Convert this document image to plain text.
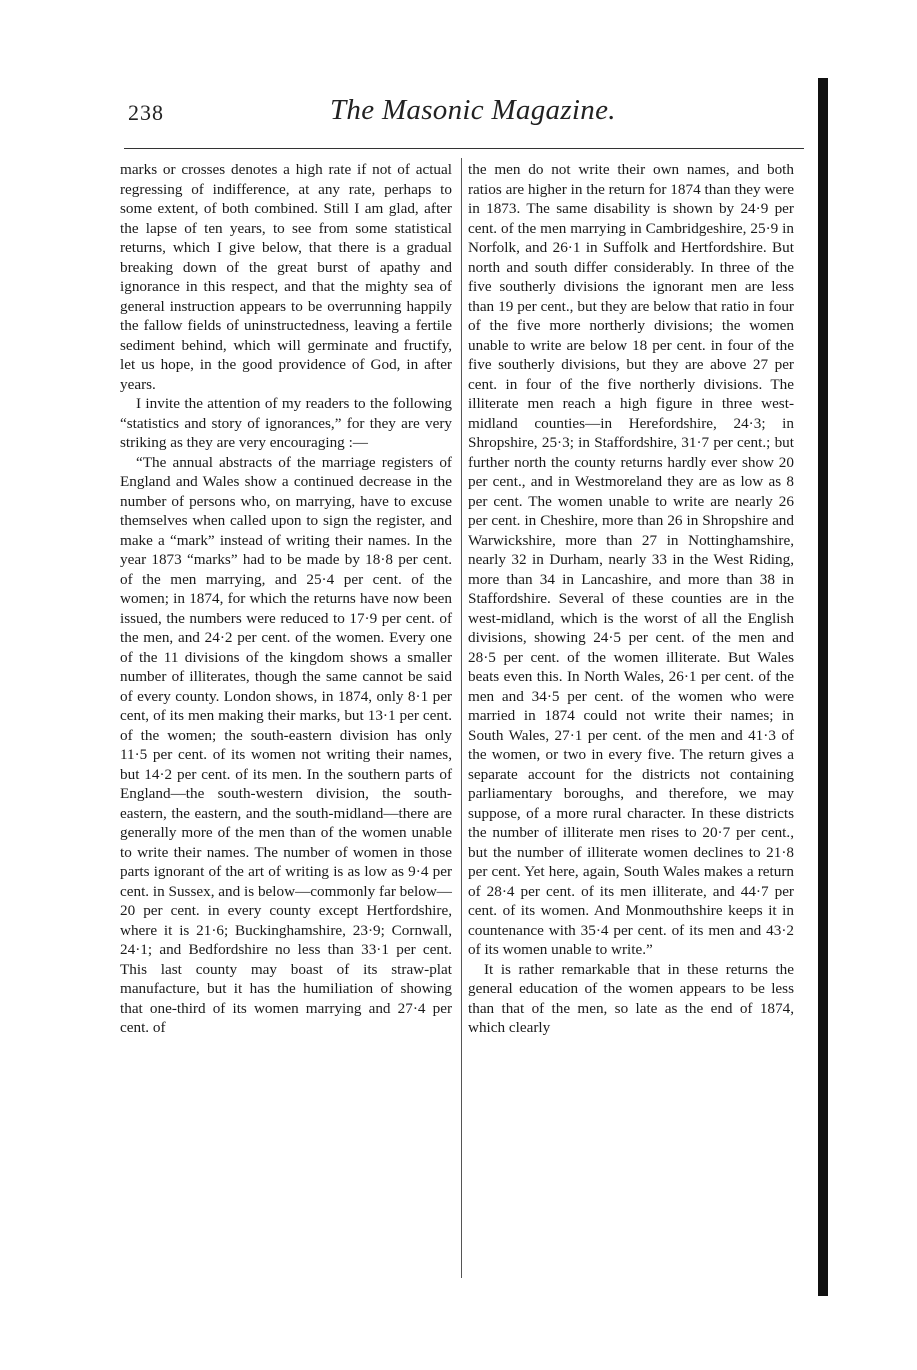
238	The Masonic Magazine.

marks or crosses denotes a high rate if not of actual regressing of indifference, at any rate, perhaps to some extent, of both combined. Still I am glad, after the lapse of ten years, to see from some statistical returns, which I give below, that there is a gradual breaking down of the great burst of apathy and ignorance in this respect, and that the mighty sea of general instruction appears to be overrunning happily the fallow fields of uninstructedness, leaving a fertile sediment behind, which will germinate and fructify, let us hope, in the good providence of God, in after years.

I invite the attention of my readers to the following “statistics and story of ignorances,” for they are very striking as they are very encouraging :—

“The annual abstracts of the marriage registers of England and Wales show a continued decrease in the number of persons who, on marrying, have to excuse themselves when called upon to sign the register, and make a “mark” instead of writing their names. In the year 1873 “marks” had to be made by 18·8 per cent. of the men marrying, and 25·4 per cent. of the women; in 1874, for which the returns have now been issued, the numbers were reduced to 17·9 per cent. of the men, and 24·2 per cent. of the women. Every one of the 11 divisions of the kingdom shows a smaller number of illiterates, though the same cannot be said of every county. London shows, in 1874, only 8·1 per cent, of its men making their marks, but 13·1 per cent. of the women; the south-eastern division has only 11·5 per cent. of its women not writing their names, but 14·2 per cent. of its men. In the southern parts of England—the south-western division, the south-eastern, the eastern, and the south-midland—there are generally more of the men than of the women unable to write their names. The number of women in those parts ignorant of the art of writing is as low as 9·4 per cent. in Sussex, and is below—commonly far below—20 per cent. in every county except Hertfordshire, where it is 21·6; Buckinghamshire, 23·9; Cornwall, 24·1; and Bedfordshire no less than 33·1 per cent. This last county may boast of its straw-plat manufacture, but it has the humiliation of showing that one-third of its women marrying and 27·4 per cent. of

the men do not write their own names, and both ratios are higher in the return for 1874 than they were in 1873. The same disability is shown by 24·9 per cent. of the men marrying in Cambridgeshire, 25·9 in Norfolk, and 26·1 in Suffolk and Hertfordshire. But north and south differ considerably. In three of the five southerly divisions the ignorant men are less than 19 per cent., but they are below that ratio in four of the five more northerly divisions; the women unable to write are below 18 per cent. in four of the five southerly divisions, but they are above 27 per cent. in four of the five northerly divisions. The illiterate men reach a high figure in three west-midland counties—in Herefordshire, 24·3; in Shropshire, 25·3; in Staffordshire, 31·7 per cent.; but further north the county returns hardly ever show 20 per cent., and in Westmoreland they are as low as 8 per cent. The women unable to write are nearly 26 per cent. in Cheshire, more than 26 in Shropshire and Warwickshire, more than 27 in Nottinghamshire, nearly 32 in Durham, nearly 33 in the West Riding, more than 34 in Lancashire, and more than 38 in Staffordshire. Several of these counties are in the west-midland, which is the worst of all the English divisions, showing 24·5 per cent. of the men and 28·5 per cent. of the women illiterate. But Wales beats even this. In North Wales, 26·1 per cent. of the men and 34·5 per cent. of the women who were married in 1874 could not write their names; in South Wales, 27·1 per cent. of the men and 41·3 of the women, or two in every five. The return gives a separate account for the districts not containing parliamentary boroughs, and therefore, we may suppose, of a more rural character. In these districts the number of illiterate men rises to 20·7 per cent., but the number of illiterate women declines to 21·8 per cent. Yet here, again, South Wales makes a return of 28·4 per cent. of its men illiterate, and 44·7 per cent. of its women. And Monmouthshire keeps it in countenance with 35·4 per cent. of its men and 43·2 of its women unable to write.”

It is rather remarkable that in these returns the general education of the women appears to be less than that of the men, so late as the end of 1874, which clearly
